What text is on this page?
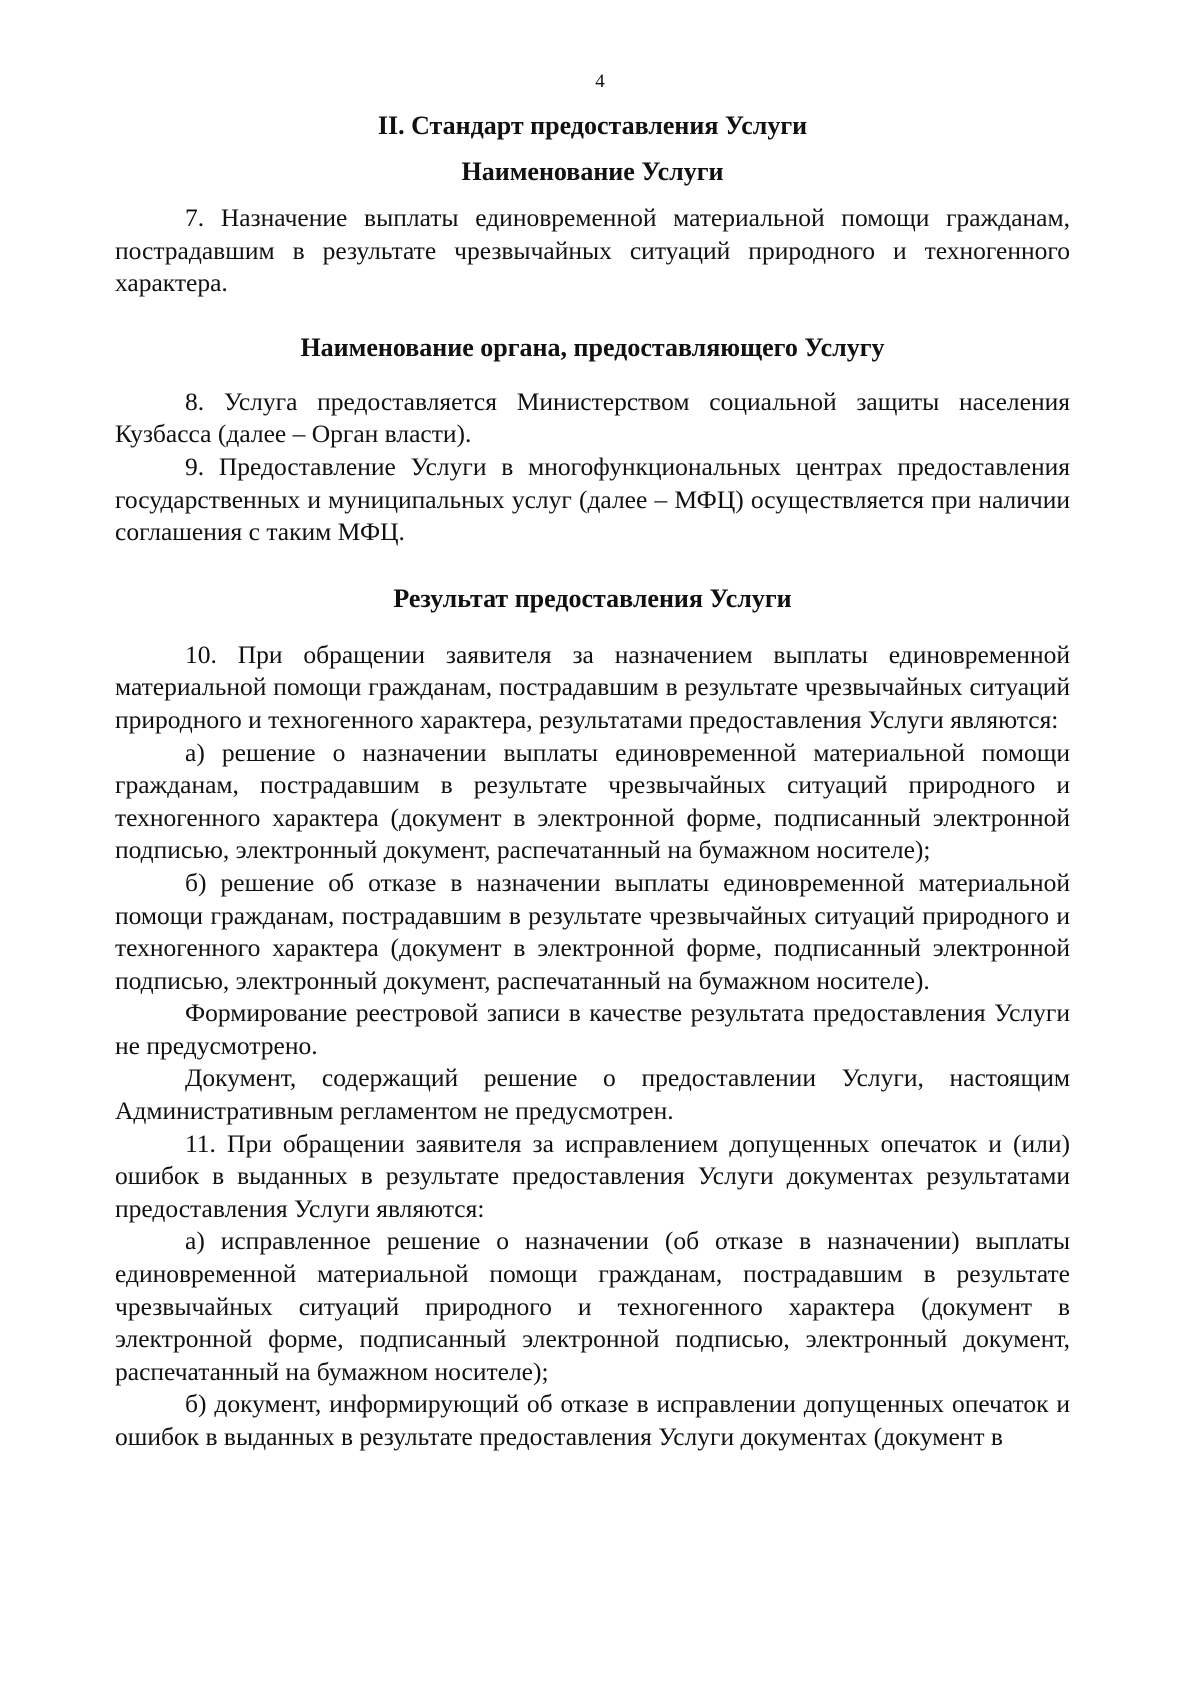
4
II. Стандарт предоставления Услуги
Наименование Услуги

7. Назначение выплаты единовременной материальной помощи гражданам, пострадавшим в результате чрезвычайных ситуаций природного и техногенного характера.

Наименование органа, предоставляющего Услугу

8. Услуга предоставляется Министерством социальной защиты населения Кузбасса (далее – Орган власти).

9. Предоставление Услуги в многофункциональных центрах предоставления государственных и муниципальных услуг (далее – МФЦ) осуществляется при наличии соглашения с таким МФЦ.

Результат предоставления Услуги

10. При обращении заявителя за назначением выплаты единовременной материальной помощи гражданам, пострадавшим в результате чрезвычайных ситуаций природного и техногенного характера, результатами предоставления Услуги являются:

а) решение о назначении выплаты единовременной материальной помощи гражданам, пострадавшим в результате чрезвычайных ситуаций природного и техногенного характера (документ в электронной форме, подписанный электронной подписью, электронный документ, распечатанный на бумажном носителе);

б) решение об отказе в назначении выплаты единовременной материальной помощи гражданам, пострадавшим в результате чрезвычайных ситуаций природного и техногенного характера (документ в электронной форме, подписанный электронной подписью, электронный документ, распечатанный на бумажном носителе).

Формирование реестровой записи в качестве результата предоставления Услуги не предусмотрено.

Документ, содержащий решение о предоставлении Услуги, настоящим Административным регламентом не предусмотрен.

11. При обращении заявителя за исправлением допущенных опечаток и (или) ошибок в выданных в результате предоставления Услуги документах результатами предоставления Услуги являются:

а) исправленное решение о назначении (об отказе в назначении) выплаты единовременной материальной помощи гражданам, пострадавшим в результате чрезвычайных ситуаций природного и техногенного характера (документ в электронной форме, подписанный электронной подписью, электронный документ, распечатанный на бумажном носителе);

б) документ, информирующий об отказе в исправлении допущенных опечаток и ошибок в выданных в результате предоставления Услуги документах (документ в
